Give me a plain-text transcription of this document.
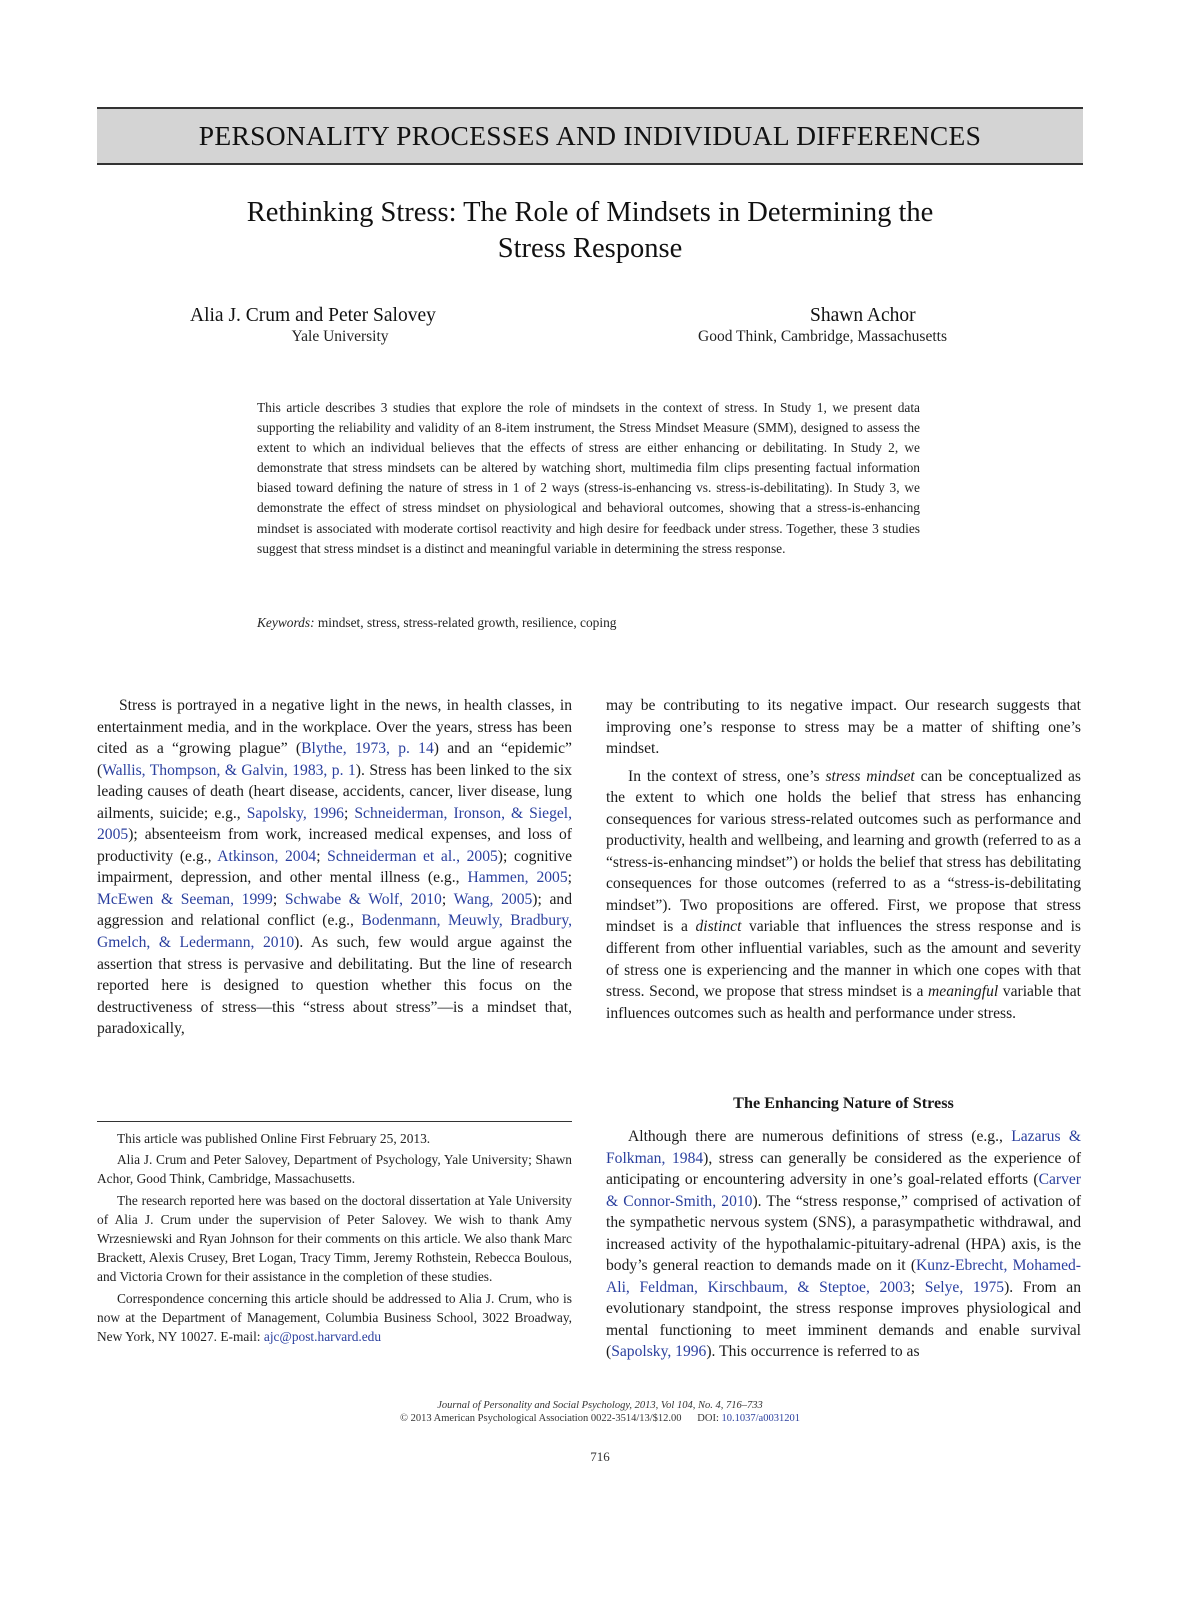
PERSONALITY PROCESSES AND INDIVIDUAL DIFFERENCES
Rethinking Stress: The Role of Mindsets in Determining the
Stress Response
Alia J. Crum and Peter Salovey
Yale University
Shawn Achor
Good Think, Cambridge, Massachusetts

This article describes 3 studies that explore the role of mindsets in the context of stress. In Study 1, we present data supporting the reliability and validity of an 8-item instrument, the Stress Mindset Measure (SMM), designed to assess the extent to which an individual believes that the effects of stress are either enhancing or debilitating. In Study 2, we demonstrate that stress mindsets can be altered by watching short, multimedia film clips presenting factual information biased toward defining the nature of stress in 1 of 2 ways (stress-is-enhancing vs. stress-is-debilitating). In Study 3, we demonstrate the effect of stress mindset on physiological and behavioral outcomes, showing that a stress-is-enhancing mindset is associated with moderate cortisol reactivity and high desire for feedback under stress. Together, these 3 studies suggest that stress mindset is a distinct and meaningful variable in determining the stress response.

Keywords: mindset, stress, stress-related growth, resilience, coping

Stress is portrayed in a negative light in the news, in health classes, in entertainment media, and in the workplace. Over the years, stress has been cited as a “growing plague” (Blythe, 1973, p. 14) and an “epidemic” (Wallis, Thompson, & Galvin, 1983, p. 1). Stress has been linked to the six leading causes of death (heart disease, accidents, cancer, liver disease, lung ailments, suicide; e.g., Sapolsky, 1996; Schneiderman, Ironson, & Siegel, 2005); absenteeism from work, increased medical expenses, and loss of productivity (e.g., Atkinson, 2004; Schneiderman et al., 2005); cognitive impairment, depression, and other mental illness (e.g., Hammen, 2005; McEwen & Seeman, 1999; Schwabe & Wolf, 2010; Wang, 2005); and aggression and relational conflict (e.g., Bodenmann, Meuwly, Bradbury, Gmelch, & Ledermann, 2010). As such, few would argue against the assertion that stress is pervasive and debilitating. But the line of research reported here is designed to question whether this focus on the destructiveness of stress—this “stress about stress”—is a mindset that, paradoxically,

may be contributing to its negative impact. Our research suggests that improving one’s response to stress may be a matter of shifting one’s mindset.

In the context of stress, one’s stress mindset can be conceptualized as the extent to which one holds the belief that stress has enhancing consequences for various stress-related outcomes such as performance and productivity, health and wellbeing, and learning and growth (referred to as a “stress-is-enhancing mindset”) or holds the belief that stress has debilitating consequences for those outcomes (referred to as a “stress-is-debilitating mindset”). Two propositions are offered. First, we propose that stress mindset is a distinct variable that influences the stress response and is different from other influential variables, such as the amount and severity of stress one is experiencing and the manner in which one copes with that stress. Second, we propose that stress mindset is a meaningful variable that influences outcomes such as health and performance under stress.

The Enhancing Nature of Stress

Although there are numerous definitions of stress (e.g., Lazarus & Folkman, 1984), stress can generally be considered as the experience of anticipating or encountering adversity in one’s goal-related efforts (Carver & Connor-Smith, 2010). The “stress response,” comprised of activation of the sympathetic nervous system (SNS), a parasympathetic withdrawal, and increased activity of the hypothalamic-pituitary-adrenal (HPA) axis, is the body’s general reaction to demands made on it (Kunz-Ebrecht, Mohamed-Ali, Feldman, Kirschbaum, & Steptoe, 2003; Selye, 1975). From an evolutionary standpoint, the stress response improves physiological and mental functioning to meet imminent demands and enable survival (Sapolsky, 1996). This occurrence is referred to as

This article was published Online First February 25, 2013.

Alia J. Crum and Peter Salovey, Department of Psychology, Yale University; Shawn Achor, Good Think, Cambridge, Massachusetts.

The research reported here was based on the doctoral dissertation at Yale University of Alia J. Crum under the supervision of Peter Salovey. We wish to thank Amy Wrzesniewski and Ryan Johnson for their comments on this article. We also thank Marc Brackett, Alexis Crusey, Bret Logan, Tracy Timm, Jeremy Rothstein, Rebecca Boulous, and Victoria Crown for their assistance in the completion of these studies.

Correspondence concerning this article should be addressed to Alia J. Crum, who is now at the Department of Management, Columbia Business School, 3022 Broadway, New York, NY 10027. E-mail: ajc@post.harvard.edu

Journal of Personality and Social Psychology, 2013, Vol 104, No. 4, 716–733
© 2013 American Psychological Association 0022-3514/13/$12.00 DOI: 10.1037/a0031201
716
